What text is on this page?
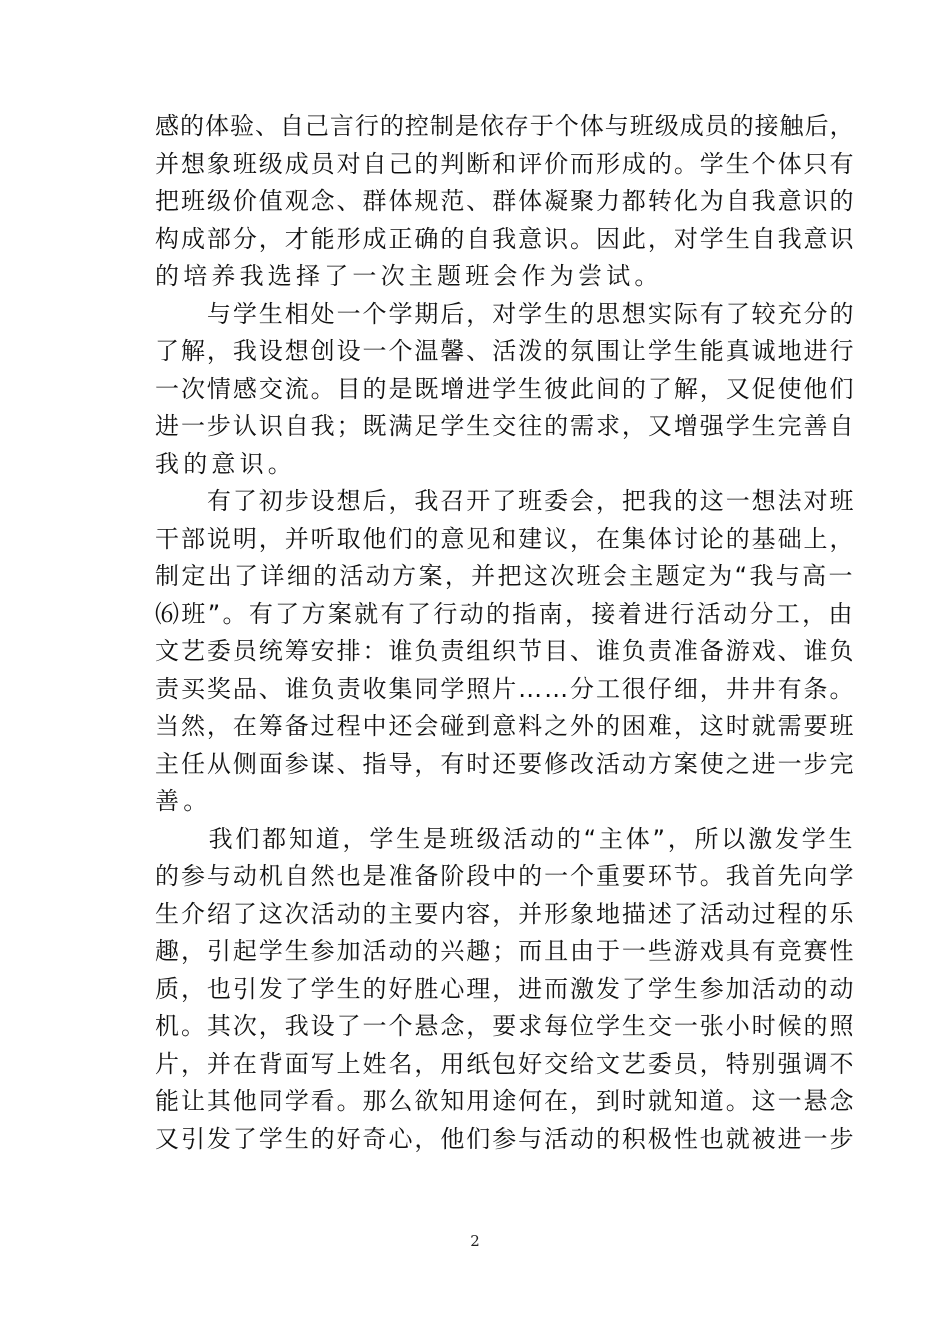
感的体验、自己言行的控制是依存于个体与班级成员的接触后，
并想象班级成员对自己的判断和评价而形成的。学生个体只有
把班级价值观念、群体规范、群体凝聚力都转化为自我意识的
构成部分，才能形成正确的自我意识。因此，对学生自我意识
的培养我选择了一次主题班会作为尝试。
　　与学生相处一个学期后，对学生的思想实际有了较充分的
了解，我设想创设一个温馨、活泼的氛围让学生能真诚地进行
一次情感交流。目的是既增进学生彼此间的了解，又促使他们
进一步认识自我；既满足学生交往的需求，又增强学生完善自
我的意识。
　　有了初步设想后，我召开了班委会，把我的这一想法对班
干部说明，并听取他们的意见和建议，在集体讨论的基础上，
制定出了详细的活动方案，并把这次班会主题定为“我与高一
⑹班”。有了方案就有了行动的指南，接着进行活动分工，由
文艺委员统筹安排：谁负责组织节目、谁负责准备游戏、谁负
责买奖品、谁负责收集同学照片……分工很仔细，井井有条。
当然，在筹备过程中还会碰到意料之外的困难，这时就需要班
主任从侧面参谋、指导，有时还要修改活动方案使之进一步完
善。
　　我们都知道，学生是班级活动的“主体”，所以激发学生
的参与动机自然也是准备阶段中的一个重要环节。我首先向学
生介绍了这次活动的主要内容，并形象地描述了活动过程的乐
趣，引起学生参加活动的兴趣；而且由于一些游戏具有竞赛性
质，也引发了学生的好胜心理，进而激发了学生参加活动的动
机。其次，我设了一个悬念，要求每位学生交一张小时候的照
片，并在背面写上姓名，用纸包好交给文艺委员，特别强调不
能让其他同学看。那么欲知用途何在，到时就知道。这一悬念
又引发了学生的好奇心，他们参与活动的积极性也就被进一步
2
